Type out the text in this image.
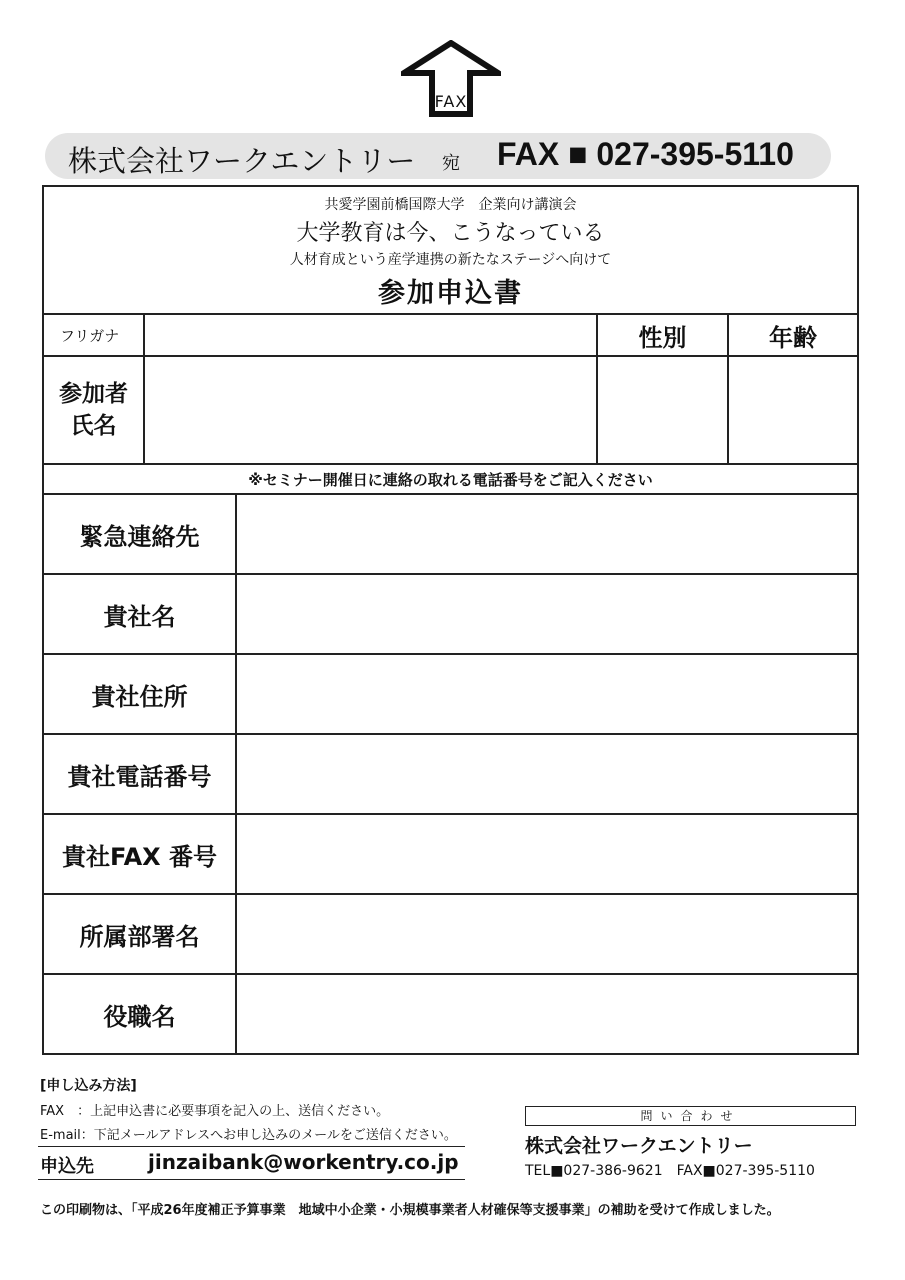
FAX
株式会社ワークエントリー 宛 FAX ■ 027-395-5110
共愛学園前橋国際大学　企業向け講演会
大学教育は今、こうなっている
人材育成という産学連携の新たなステージへ向けて
参加申込書				

フリガナ			性別	年齢

参加者
氏名				

※セミナー開催日に連絡の取れる電話番号をご記入ください				
緊急連絡先				
貴社名				
貴社住所				
貴社電話番号				
貴社FAX 番号				
所属部署名				
役職名				
[申し込み方法]
FAX　：上記申込書に必要事項を記入の上、送信ください。
E-mail：下記メールアドレスへお申し込みのメールをご送信ください。
申込先	jinzaibank@workentry.co.jp
問い合わせ
株式会社ワークエントリー
TEL■027-386-9621　FAX■027-395-5110
この印刷物は、「平成26年度補正予算事業　地域中小企業・小規模事業者人材確保等支援事業」の補助を受けて作成しました。
